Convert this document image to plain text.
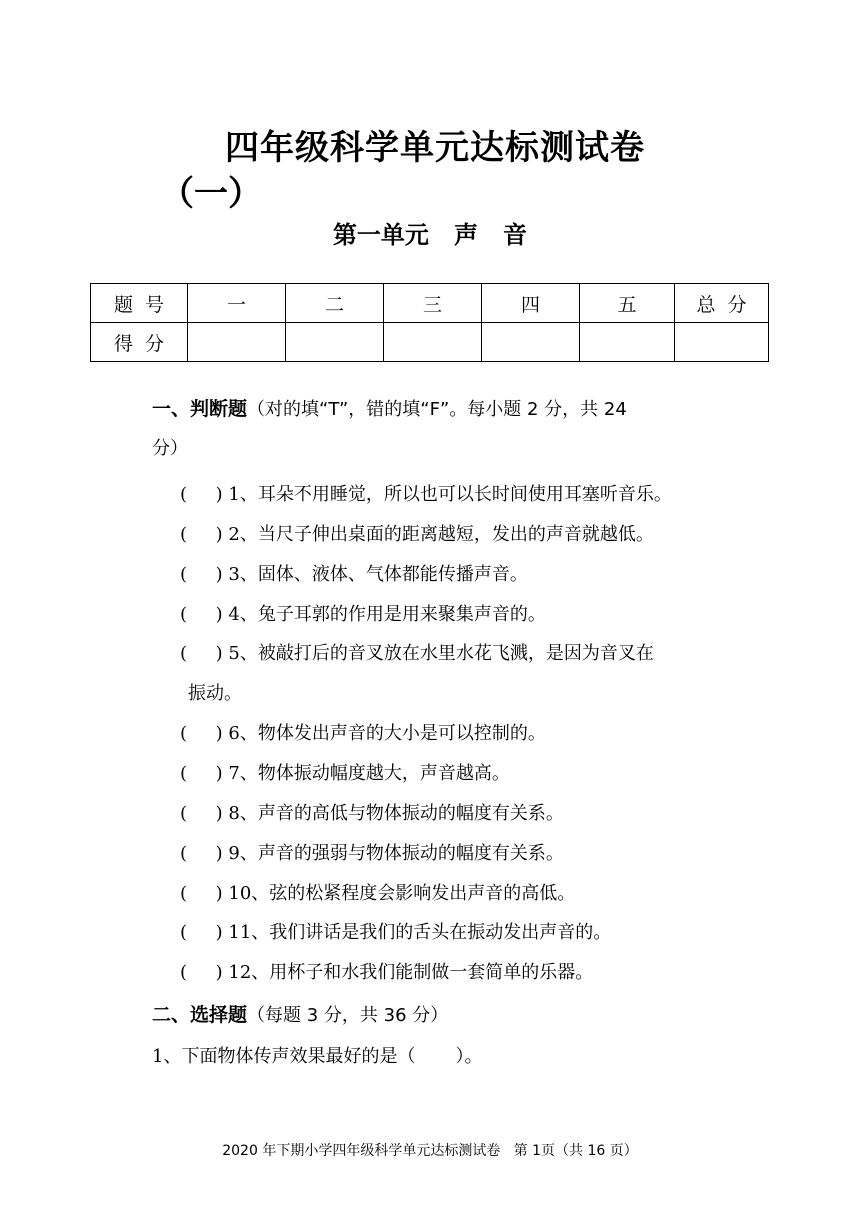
四年级科学单元达标测试卷
（一）
第一单元   声   音
题  号	一	二	三	四	五	总  分
得  分						
一、判断题（对的填“T”，错的填“F”。每小题 2 分，共 24
分）
(     ) 1、耳朵不用睡觉，所以也可以长时间使用耳塞听音乐。
(     ) 2、当尺子伸出桌面的距离越短，发出的声音就越低。
(     ) 3、固体、液体、气体都能传播声音。
(     ) 4、兔子耳郭的作用是用来聚集声音的。
(     ) 5、被敲打后的音叉放在水里水花飞溅，是因为音叉在
振动。
(     ) 6、物体发出声音的大小是可以控制的。
(     ) 7、物体振动幅度越大，声音越高。
(     ) 8、声音的高低与物体振动的幅度有关系。
(     ) 9、声音的强弱与物体振动的幅度有关系。
(     ) 10、弦的松紧程度会影响发出声音的高低。
(     ) 11、我们讲话是我们的舌头在振动发出声音的。
(     ) 12、用杯子和水我们能制做一套简单的乐器。
二、选择题（每题 3 分，共 36 分）
1、下面物体传声效果最好的是（       ）。
2020 年下期小学四年级科学单元达标测试卷   第 1页（共 16 页）
